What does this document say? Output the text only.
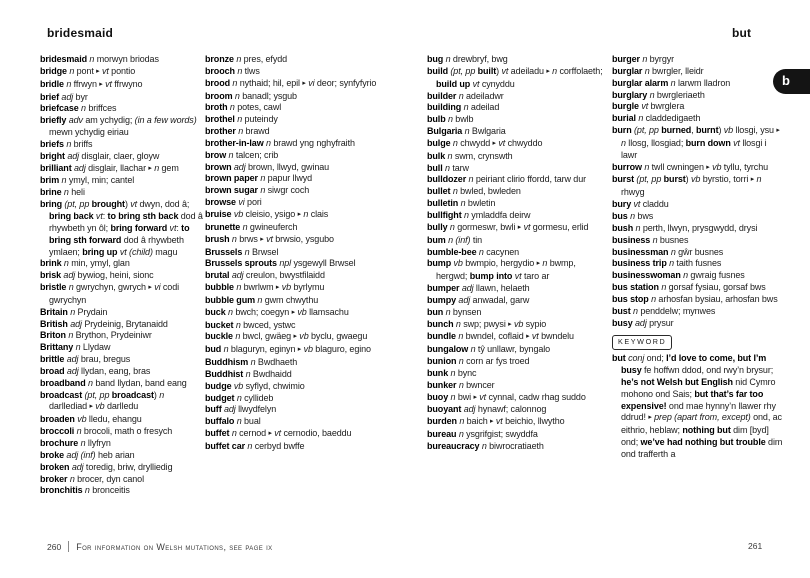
bridesmaid	but
b

bridesmaid n morwyn briodas

bridge n pont ▸ vt pontio

bridle n ffrwyn ▸ vt ffrwyno

brief adj byr

briefcase n briffces

briefly adv am ychydig; (in a few words) mewn ychydig eiriau

briefs n briffs

bright adj disglair, claer, gloyw

brilliant adj disglair, llachar ▸ n gem

brim n ymyl, min; cantel

brine n heli

bring (pt, pp brought) vt dwyn, dod â; bring back vt: to bring sth back dod â rhywbeth yn ôl; bring forward vt: to bring sth forward dod â rhywbeth ymlaen; bring up vt (child) magu

brink n min, ymyl, glan

brisk adj bywiog, heini, sionc

bristle n gwrychyn, gwrych ▸ vi codi gwrychyn

Britain n Prydain

British adj Prydeinig, Brytanaidd

Briton n Brython, Prydeiniwr

Brittany n Llydaw

brittle adj brau, bregus

broad adj llydan, eang, bras

broadband n band llydan, band eang

broadcast (pt, pp broadcast) n darllediad ▸ vb darlledu

broaden vb lledu, ehangu

broccoli n brocoli, math o fresych

brochure n llyfryn

broke adj (inf) heb arian

broken adj toredig, briw, drylliedig

broker n brocer, dyn canol

bronchitis n bronceitis

bronze n pres, efydd

brooch n tlws

brood n nythaid; hil, epil ▸ vi deor; synfyfyrio

broom n banadl; ysgub

broth n potes, cawl

brothel n puteindy

brother n brawd

brother-in-law n brawd yng nghyfraith

brow n talcen; crib

brown adj brown, llwyd, gwinau

brown paper n papur llwyd

brown sugar n siwgr coch

browse vi pori

bruise vb cleisio, ysigo ▸ n clais

brunette n gwineuferch

brush n brws ▸ vt brwsio, ysgubo

Brussels n Brwsel

Brussels sprouts npl ysgewyll Brwsel

brutal adj creulon, bwystfilaidd

bubble n bwrlwm ▸ vb byrlymu

bubble gum n gwm chwythu

buck n bwch; coegyn ▸ vb llamsachu

bucket n bwced, ystwc

buckle n bwcl, gwäeg ▸ vb byclu, gwaegu

bud n blaguryn, eginyn ▸ vb blaguro, egino

Buddhism n Bwdhaeth

Buddhist n Bwdhaidd

budge vb syflyd, chwimio

budget n cyllideb

buff adj llwydfelyn

buffalo n bual

buffet n cernod ▸ vt cernodio, baeddu

buffet car n cerbyd bwffe

bug n drewbryf, bwg

build (pt, pp built) vt adeiladu ▸ n corffolaeth; build up vt cynyddu

builder n adeiladwr

building n adeilad

bulb n bwlb

Bulgaria n Bwlgaria

bulge n chwydd ▸ vt chwyddo

bulk n swm, crynswth

bull n tarw

bulldozer n peiriant clirio ffordd, tarw dur

bullet n bwled, bwleden

bulletin n bwletin

bullfight n ymladdfa deirw

bully n gormeswr, bwli ▸ vt gormesu, erlid

bum n (inf) tin

bumble-bee n cacynen

bump vb bwmpio, hergydio ▸ n bwmp, hergwd; bump into vt taro ar

bumper adj llawn, helaeth

bumpy adj anwadal, garw

bun n bynsen

bunch n swp; pwysi ▸ vb sypio

bundle n bwndel, coflaid ▸ vt bwndelu

bungalow n tŷ unllawr, byngalo

bunion n corn ar fys troed

bunk n bync

bunker n bwncer

buoy n bwi ▸ vt cynnal, cadw rhag suddo

buoyant adj hynawf; calonnog

burden n baich ▸ vt beichio, llwytho

bureau n ysgrifgist; swyddfa

bureaucracy n biwrocratiaeth

burger n byrgyr

burglar n bwrgler, lleidr

burglar alarm n larwm lladron

burglary n bwrgleriaeth

burgle vt bwrglera

burial n claddedigaeth

burn (pt, pp burned, burnt) vb llosgi, ysu ▸ n llosg, llosgiad; burn down vt llosgi i lawr

burrow n twll cwningen ▸ vb tyllu, tyrchu

burst (pt, pp burst) vb byrstio, torri ▸ n rhwyg

bury vt claddu

bus n bws

bush n perth, llwyn, prysgwydd, drysi

business n busnes

businessman n gŵr busnes

business trip n taith fusnes

businesswoman n gwraig fusnes

bus station n gorsaf fysiau, gorsaf bws

bus stop n arhosfan bysiau, arhosfan bws

bust n penddelw; mynwes

busy adj prysur

KEYWORD

but conj ond; I’d love to come, but I’m busy fe hoffwn ddod, ond rwy’n brysur; he’s not Welsh but English nid Cymro mohono ond Sais; but that’s far too expensive! ond mae hynny’n llawer rhy ddrud! ▸ prep (apart from, except) ond, ac eithrio, heblaw; nothing but dim [byd] ond; we’ve had nothing but trouble dim ond trafferth a

260 For information on Welsh mutations, see page ix	261
